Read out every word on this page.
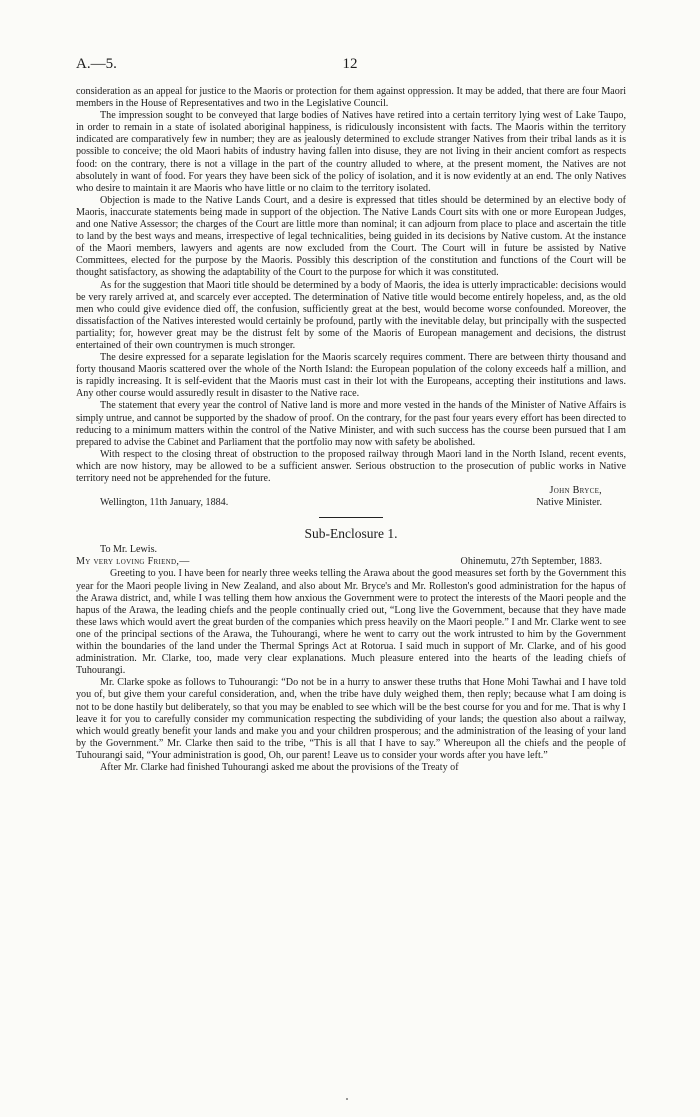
A.—5.	12

consideration as an appeal for justice to the Maoris or protection for them against oppression. It may be added, that there are four Maori members in the House of Representatives and two in the Legislative Council.

The impression sought to be conveyed that large bodies of Natives have retired into a certain territory lying west of Lake Taupo, in order to remain in a state of isolated aboriginal happiness, is ridiculously inconsistent with facts. The Maoris within the territory indicated are comparatively few in number; they are as jealously determined to exclude stranger Natives from their tribal lands as it is possible to conceive; the old Maori habits of industry having fallen into disuse, they are not living in their ancient comfort as respects food: on the contrary, there is not a village in the part of the country alluded to where, at the present moment, the Natives are not absolutely in want of food. For years they have been sick of the policy of isolation, and it is now evidently at an end. The only Natives who desire to maintain it are Maoris who have little or no claim to the territory isolated.

Objection is made to the Native Lands Court, and a desire is expressed that titles should be determined by an elective body of Maoris, inaccurate statements being made in support of the objection. The Native Lands Court sits with one or more European Judges, and one Native Assessor; the charges of the Court are little more than nominal; it can adjourn from place to place and ascertain the title to land by the best ways and means, irrespective of legal technicalities, being guided in its decisions by Native custom. At the instance of the Maori members, lawyers and agents are now excluded from the Court. The Court will in future be assisted by Native Committees, elected for the purpose by the Maoris. Possibly this description of the constitution and functions of the Court will be thought satisfactory, as showing the adaptability of the Court to the purpose for which it was constituted.

As for the suggestion that Maori title should be determined by a body of Maoris, the idea is utterly impracticable: decisions would be very rarely arrived at, and scarcely ever accepted. The determination of Native title would become entirely hopeless, and, as the old men who could give evidence died off, the confusion, sufficiently great at the best, would become worse confounded. Moreover, the dissatisfaction of the Natives interested would certainly be profound, partly with the inevitable delay, but principally with the suspected partiality; for, however great may be the distrust felt by some of the Maoris of European management and decisions, the distrust entertained of their own countrymen is much stronger.

The desire expressed for a separate legislation for the Maoris scarcely requires comment. There are between thirty thousand and forty thousand Maoris scattered over the whole of the North Island: the European population of the colony exceeds half a million, and is rapidly increasing. It is self-evident that the Maoris must cast in their lot with the Europeans, accepting their institutions and laws. Any other course would assuredly result in disaster to the Native race.

The statement that every year the control of Native land is more and more vested in the hands of the Minister of Native Affairs is simply untrue, and cannot be supported by the shadow of proof. On the contrary, for the past four years every effort has been directed to reducing to a minimum matters within the control of the Native Minister, and with such success has the course been pursued that I am prepared to advise the Cabinet and Parliament that the portfolio may now with safety be abolished.

With respect to the closing threat of obstruction to the proposed railway through Maori land in the North Island, recent events, which are now history, may be allowed to be a sufficient answer. Serious obstruction to the prosecution of public works in Native territory need not be apprehended for the future.

John Bryce,
Wellington, 11th January, 1884.	Native Minister.
Sub-Enclosure 1.

To Mr. Lewis.

My very loving Friend,—	Ohinemutu, 27th September, 1883.

Greeting to you. I have been for nearly three weeks telling the Arawa about the good measures set forth by the Government this year for the Maori people living in New Zealand, and also about Mr. Bryce's and Mr. Rolleston's good administration for the hapus of the Arawa district, and, while I was telling them how anxious the Government were to protect the interests of the Maori people and the hapus of the Arawa, the leading chiefs and the people continually cried out, “Long live the Government, because that they have made these laws which would avert the great burden of the companies which press heavily on the Maori people.” I and Mr. Clarke went to see one of the principal sections of the Arawa, the Tuhourangi, where he went to carry out the work intrusted to him by the Government within the boundaries of the land under the Thermal Springs Act at Rotorua. I said much in support of Mr. Clarke, and of his good administration. Mr. Clarke, too, made very clear explanations. Much pleasure entered into the hearts of the leading chiefs of Tuhourangi.

Mr. Clarke spoke as follows to Tuhourangi: “Do not be in a hurry to answer these truths that Hone Mohi Tawhai and I have told you of, but give them your careful consideration, and, when the tribe have duly weighed them, then reply; because what I am doing is not to be done hastily but deliberately, so that you may be enabled to see which will be the best course for you and for me. That is why I leave it for you to carefully consider my communication respecting the subdividing of your lands; the question also about a railway, which would greatly benefit your lands and make you and your children prosperous; and the administration of the leasing of your land by the Government.” Mr. Clarke then said to the tribe, “This is all that I have to say.” Whereupon all the chiefs and the people of Tuhourangi said, “Your administration is good, Oh, our parent! Leave us to consider your words after you have left.”

After Mr. Clarke had finished Tuhourangi asked me about the provisions of the Treaty of
